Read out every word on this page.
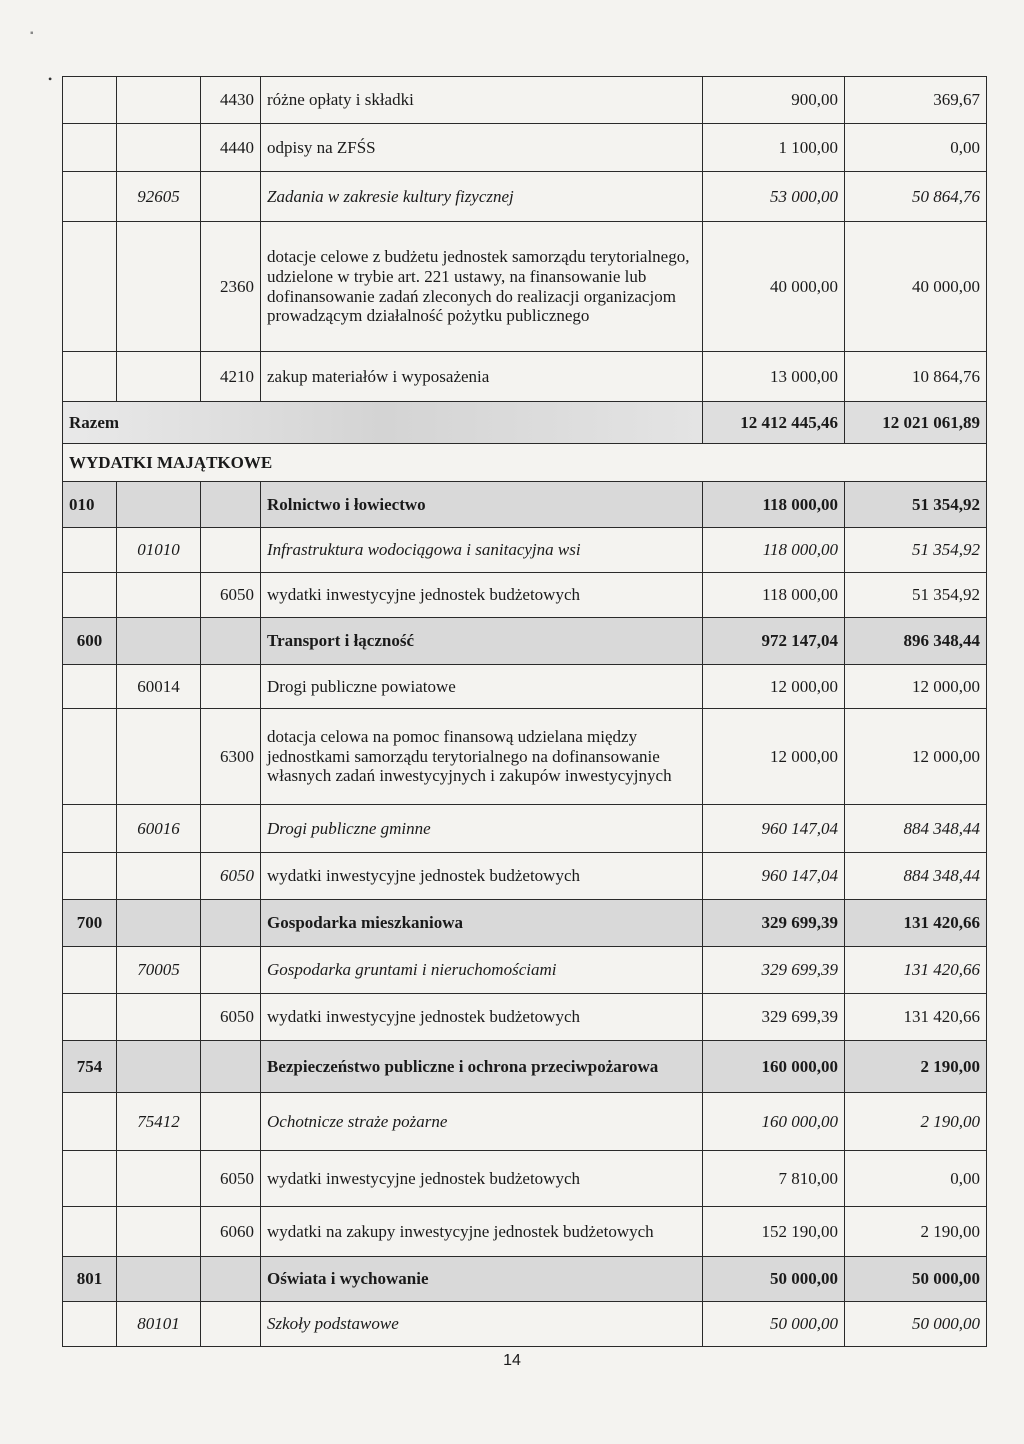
▪
•
		4430	różne opłaty i składki	900,00	369,67
		4440	odpisy na ZFŚS	1 100,00	0,00
	92605		Zadania w zakresie kultury fizycznej	53 000,00	50 864,76
		2360	dotacje celowe z budżetu jednostek samorządu terytorialnego, udzielone w trybie art. 221 ustawy, na finansowanie lub dofinansowanie zadań zleconych do realizacji organizacjom prowadzącym działalność pożytku publicznego	40 000,00	40 000,00
		4210	zakup materiałów i wyposażenia	13 000,00	10 864,76
Razem				12 412 445,46	12 021 061,89
WYDATKI MAJĄTKOWE					
010			Rolnictwo i łowiectwo	118 000,00	51 354,92
	01010		Infrastruktura wodociągowa i sanitacyjna wsi	118 000,00	51 354,92
		6050	wydatki inwestycyjne jednostek budżetowych	118 000,00	51 354,92
600			Transport i łączność	972 147,04	896 348,44
	60014		Drogi publiczne powiatowe	12 000,00	12 000,00
		6300	dotacja celowa na pomoc finansową udzielana między jednostkami samorządu terytorialnego na dofinansowanie własnych zadań inwestycyjnych i zakupów inwestycyjnych	12 000,00	12 000,00
	60016		Drogi publiczne gminne	960 147,04	884 348,44
		6050	wydatki inwestycyjne jednostek budżetowych	960 147,04	884 348,44
700			Gospodarka mieszkaniowa	329 699,39	131 420,66
	70005		Gospodarka gruntami i nieruchomościami	329 699,39	131 420,66
		6050	wydatki inwestycyjne jednostek budżetowych	329 699,39	131 420,66
754			Bezpieczeństwo publiczne i ochrona przeciwpożarowa	160 000,00	2 190,00
	75412		Ochotnicze straże pożarne	160 000,00	2 190,00
		6050	wydatki inwestycyjne jednostek budżetowych	7 810,00	0,00
		6060	wydatki na zakupy inwestycyjne jednostek budżetowych	152 190,00	2 190,00
801			Oświata i wychowanie	50 000,00	50 000,00
	80101		Szkoły podstawowe	50 000,00	50 000,00
14
